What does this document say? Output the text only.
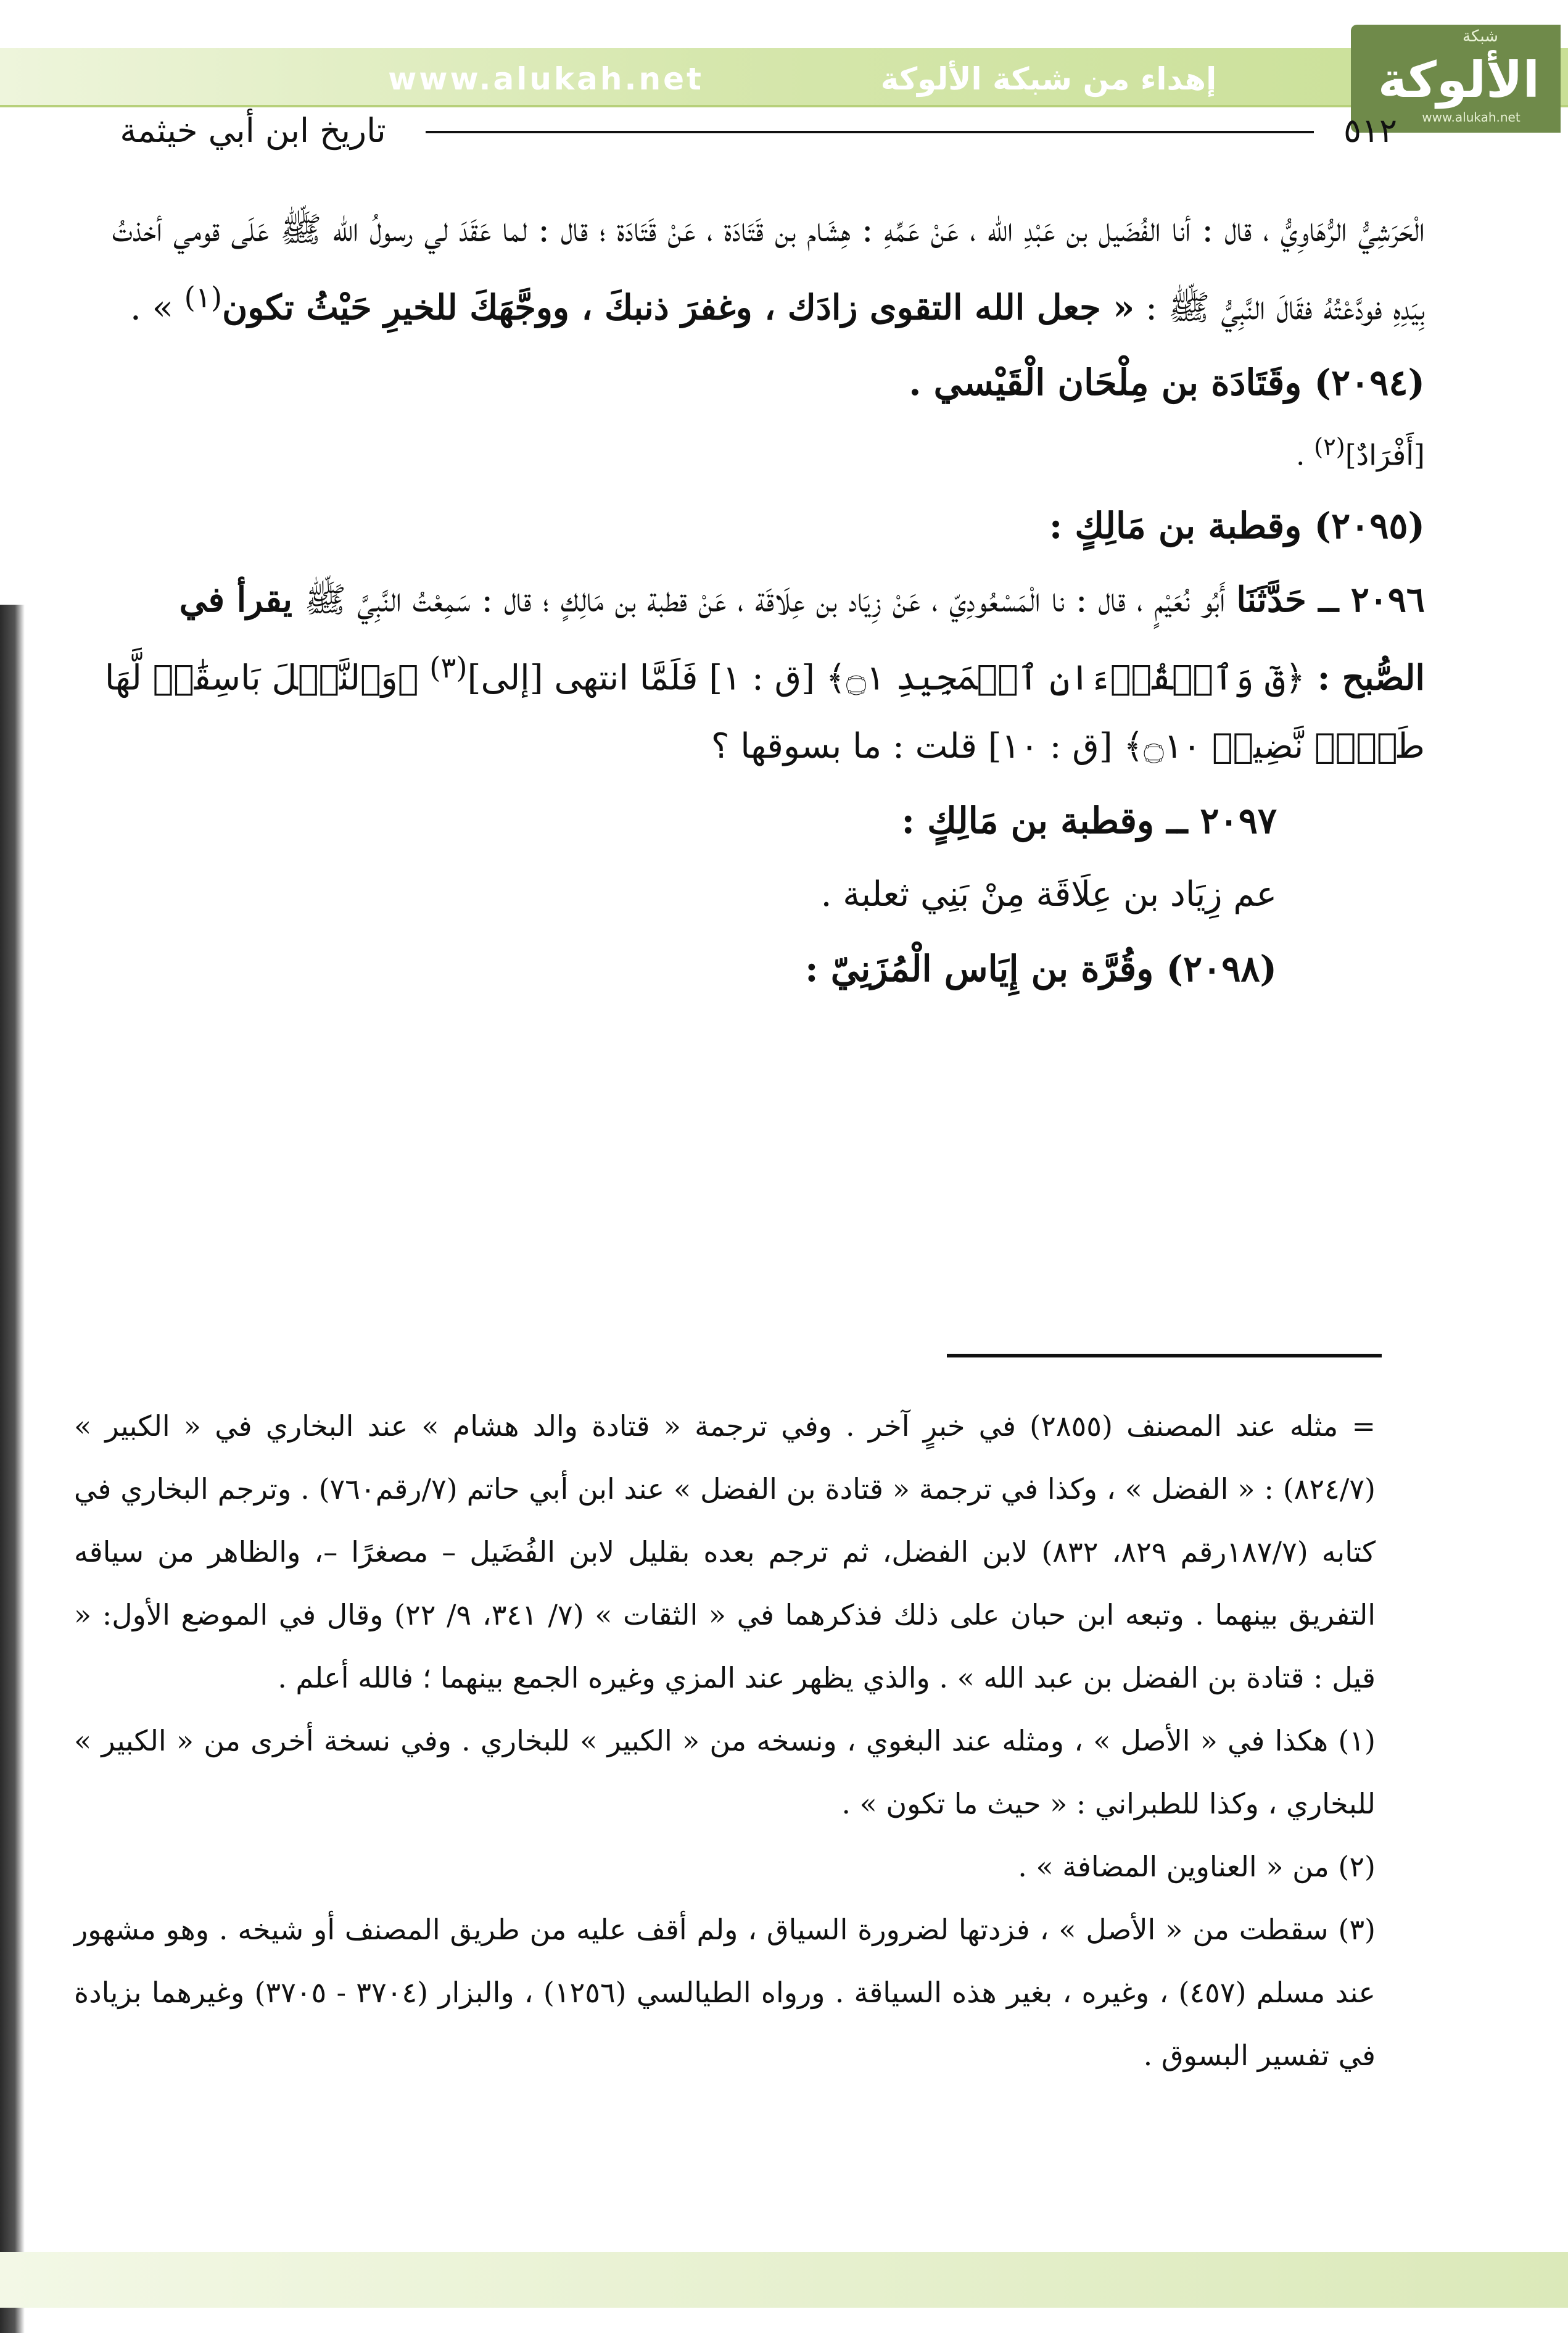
www.alukah.net	إهداء من شبكة الألوكة
شبكة
الألوكة
www.alukah.net
٥١٢
تاريخ ابن أبي خيثمة

الْحَرَشِيُّ الرُّهَاوِيُّ ، قال : أنا الفُضَيل بن عَبْدِ الله ، عَنْ عَمِّهِ : هِشَام بن قَتَادَة ، عَنْ قَتَادَة ؛ قال : لما عَقَدَ لي رسولُ الله ﷺ عَلَى قومي أخذتُ بِيَدِهِ فودَّعْتُهُ فقَالَ النَّبِيُّ ﷺ : « جعل الله التقوى زادَك ، وغفرَ ذنبكَ ، ووجَّهَكَ للخيرِ حَيْثُ تكون$^{(١)}$ » .

(٢٠٩٤) وقَتَادَة بن مِلْحَان الْقَيْسي .

[أَفْرَادٌ]$^{(٢)}$ .

(٢٠٩٥) وقطبة بن مَالِكٍ :

٢٠٩٦ ــ حَدَّثَنَا أَبُو نُعَيْمٍ ، قال : نا الْمَسْعُودِيّ ، عَنْ زِيَاد بن عِلَاقَة ، عَنْ قطبة بن مَالِكٍ ؛ قال : سَمِعْتُ النَّبِيَّ ﷺ يقرأ في الصُّبح : ﴿قٓ وَٱلۡقُرۡءَانِ ٱلۡمَجِيدِ ۝١﴾ [ق : ١] فَلَمَّا انتهى [إلى]$^{(٣)}$ ﴿وَٱلنَّخۡلَ بَاسِقَٰتٖ لَّهَا طَلۡعٞ نَّضِيدٞ ۝١٠﴾ [ق : ١٠] قلت : ما بسوقها ؟

٢٠٩٧ ــ وقطبة بن مَالِكٍ :

عم زِيَاد بن عِلَاقَة مِنْ بَنِي ثعلبة .

(٢٠٩٨) وقُرَّة بن إِيَاس الْمُزَنِيّ :

= مثله عند المصنف (٢٨٥٥) في خبرٍ آخر . وفي ترجمة « قتادة والد هشام » عند البخاري في « الكبير » (٨٢٤/٧) : « الفضل » ، وكذا في ترجمة « قتادة بن الفضل » عند ابن أبي حاتم (٧/رقم٧٦٠) . وترجم البخاري في كتابه (١٨٧/٧رقم ٨٢٩، ٨٣٢) لابن الفضل، ثم ترجم بعده بقليل لابن الفُضَيل – مصغرًا –، والظاهر من سياقه التفريق بينهما . وتبعه ابن حبان على ذلك فذكرهما في « الثقات » (٧/ ٣٤١، ٩/ ٢٢) وقال في الموضع الأول: « قيل : قتادة بن الفضل بن عبد الله » . والذي يظهر عند المزي وغيره الجمع بينهما ؛ فالله أعلم .

(١) هكذا في « الأصل » ، ومثله عند البغوي ، ونسخه من « الكبير » للبخاري . وفي نسخة أخرى من « الكبير » للبخاري ، وكذا للطبراني : « حيث ما تكون » .

(٢) من « العناوين المضافة » .

(٣) سقطت من « الأصل » ، فزدتها لضرورة السياق ، ولم أقف عليه من طريق المصنف أو شيخه . وهو مشهور عند مسلم (٤٥٧) ، وغيره ، بغير هذه السياقة . ورواه الطيالسي (١٢٥٦) ، والبزار (٣٧٠٤ - ٣٧٠٥) وغيرهما بزيادة في تفسير البسوق .
